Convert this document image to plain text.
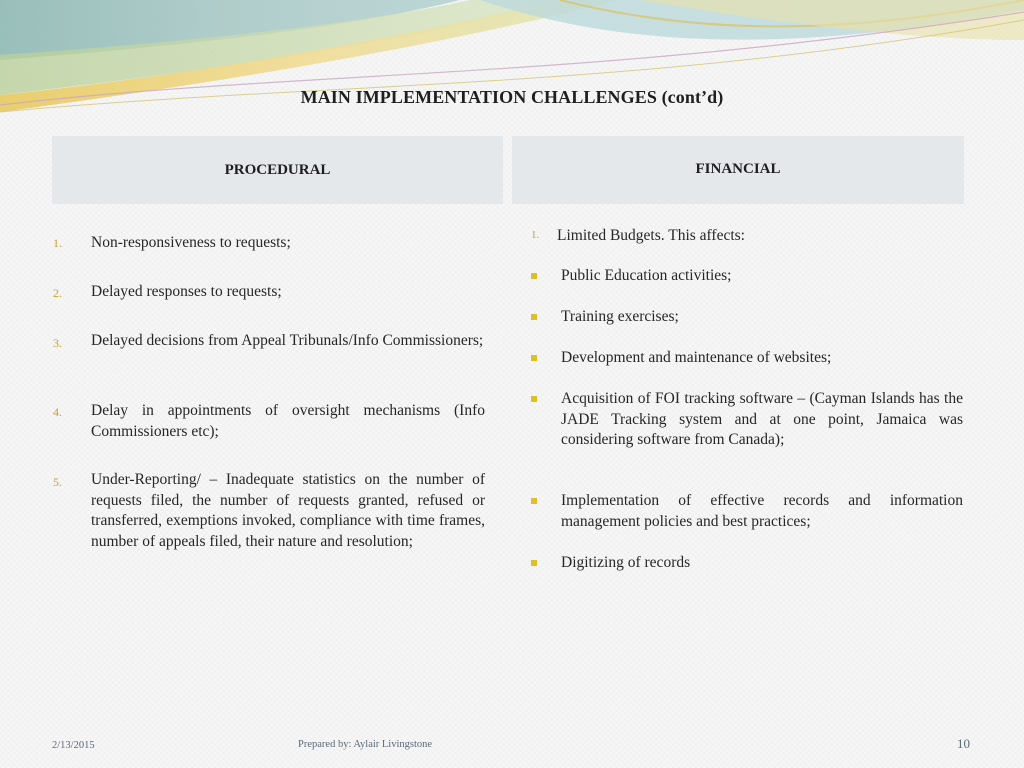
MAIN IMPLEMENTATION CHALLENGES (cont’d)
PROCEDURAL	FINANCIAL
1. Non-responsiveness to requests;
2. Delayed responses to requests;
3. Delayed decisions from Appeal Tribunals/Info Commissioners;
4. Delay in appointments of oversight mechanisms (Info Commissioners etc);
5. Under-Reporting/ – Inadequate statistics on the number of requests filed, the number of requests granted, refused or transferred, exemptions invoked, compliance with time frames, number of appeals filed, their nature and resolution;
1. Limited Budgets. This affects:
Public Education activities;
Training exercises;
Development and maintenance of websites;
Acquisition of FOI tracking software – (Cayman Islands has the JADE Tracking system and at one point, Jamaica was considering software from Canada);
Implementation of effective records and information management policies and best practices;
Digitizing of records
2/13/2015	Prepared by: Aylair Livingstone	10
